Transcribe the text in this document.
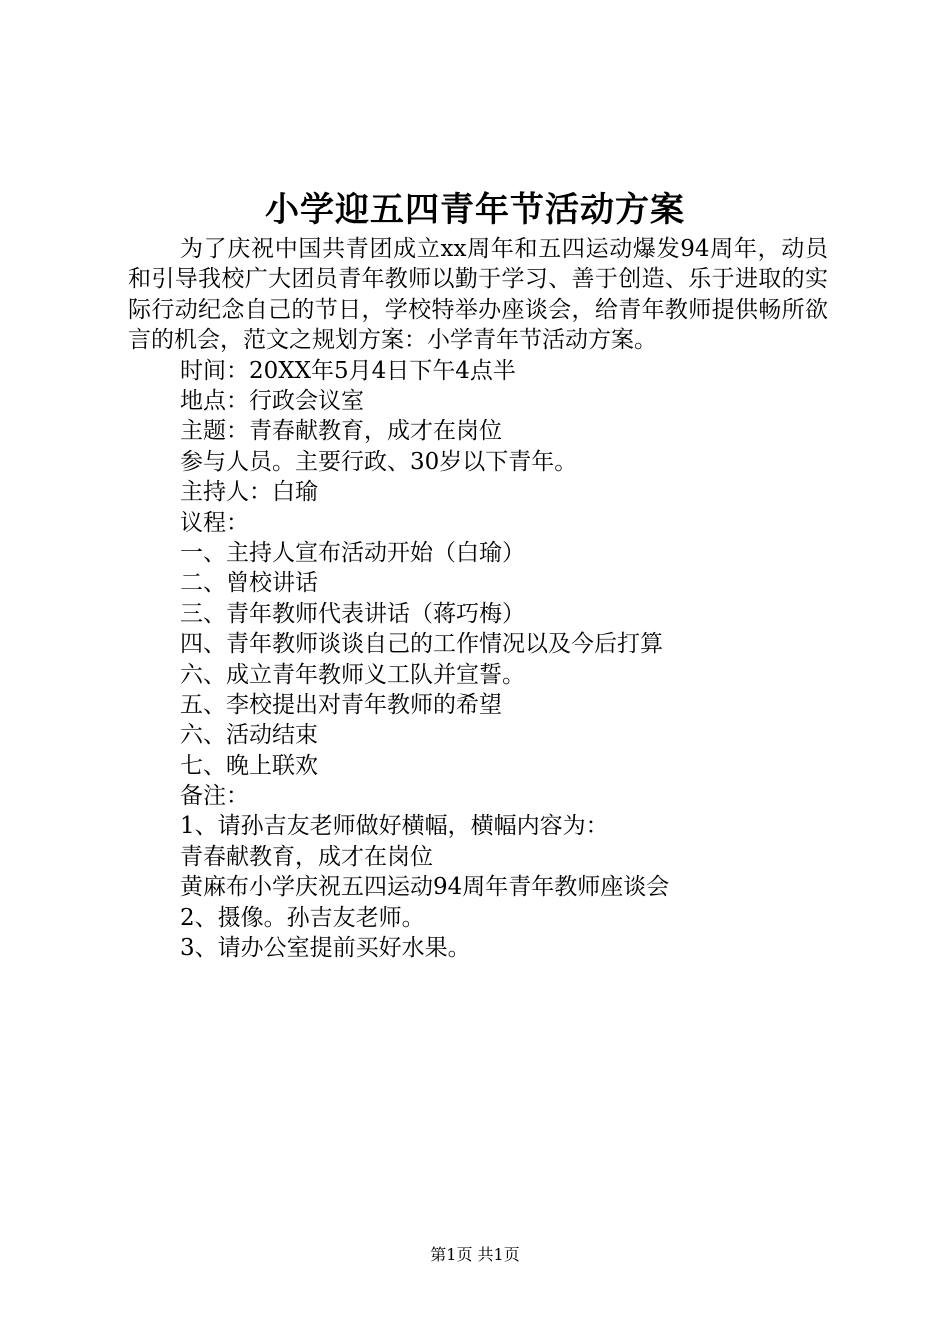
小学迎五四青年节活动方案

为了庆祝中国共青团成立xx周年和五四运动爆发94周年，动员和引导我校广大团员青年教师以勤于学习、善于创造、乐于进取的实际行动纪念自己的节日，学校特举办座谈会，给青年教师提供畅所欲言的机会，范文之规划方案：小学青年节活动方案。

时间：20XX年5月4日下午4点半
地点：行政会议室
主题：青春献教育，成才在岗位
参与人员。主要行政、30岁以下青年。
主持人：白瑜
议程：
一、主持人宣布活动开始（白瑜）
二、曾校讲话
三、青年教师代表讲话（蒋巧梅）
四、青年教师谈谈自己的工作情况以及今后打算
六、成立青年教师义工队并宣誓。
五、李校提出对青年教师的希望
六、活动结束
七、晚上联欢
备注：
1、请孙吉友老师做好横幅，横幅内容为：
青春献教育，成才在岗位
黄麻布小学庆祝五四运动94周年青年教师座谈会
2、摄像。孙吉友老师。
3、请办公室提前买好水果。
第1页 共1页
